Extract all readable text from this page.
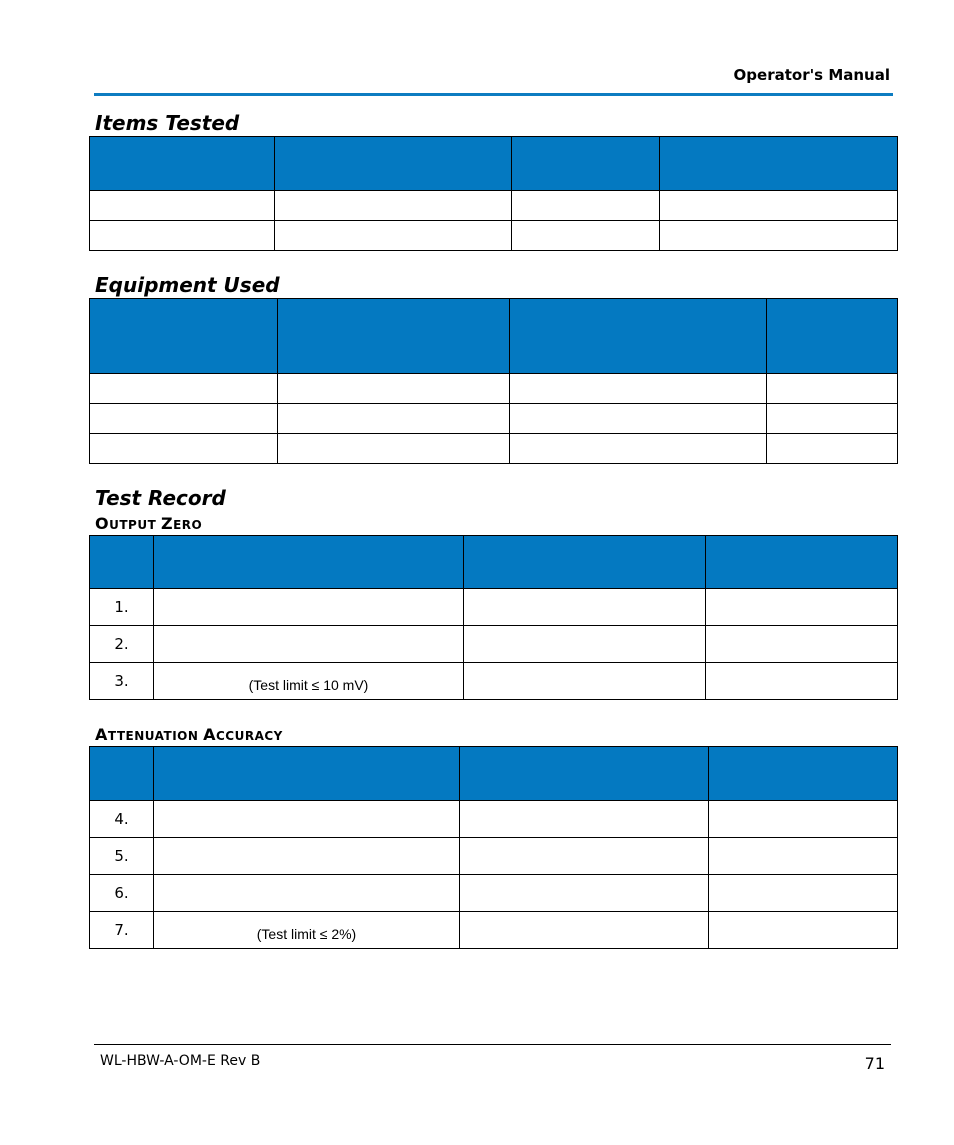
Operator's Manual
Items Tested

Equipment Used

Test Record
OUTPUT ZERO

1.			
2.			
3.	(Test limit ≤ 10 mV)		
ATTENUATION ACCURACY

4.			
5.			
6.			
7.	(Test limit ≤ 2%)		
WL-HBW-A-OM-E Rev B	71
